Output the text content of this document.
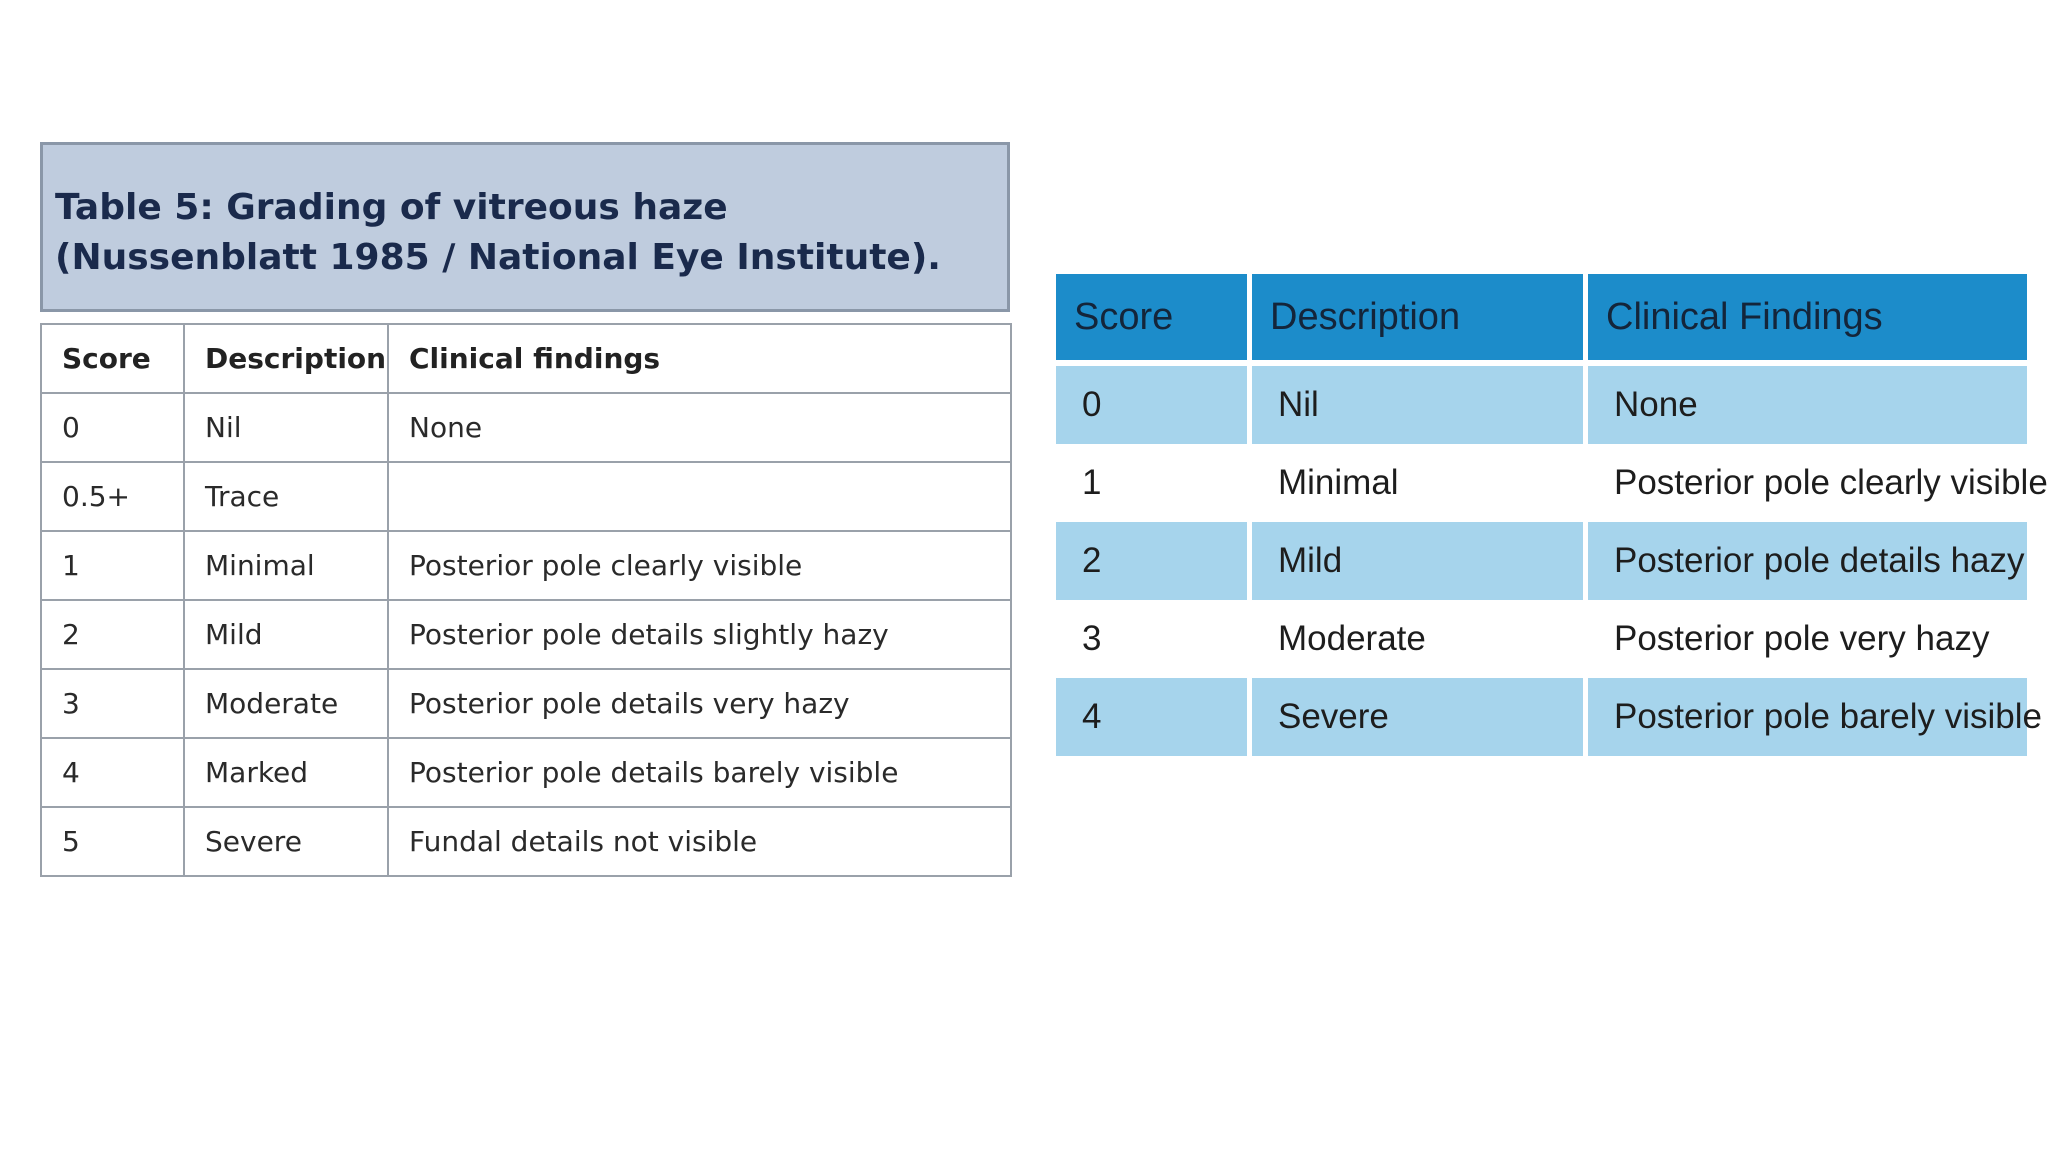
Table 5: Grading of vitreous haze
(Nussenblatt 1985 / National Eye Institute).
Score	Description	Clinical findings
0	Nil	None
0.5+	Trace	
1	Minimal	Posterior pole clearly visible
2	Mild	Posterior pole details slightly hazy
3	Moderate	Posterior pole details very hazy
4	Marked	Posterior pole details barely visible
5	Severe	Fundal details not visible
Score	Description	Clinical Findings
0	Nil	None
1	Minimal	Posterior pole clearly visible
2	Mild	Posterior pole details hazy
3	Moderate	Posterior pole very hazy
4	Severe	Posterior pole barely visible
